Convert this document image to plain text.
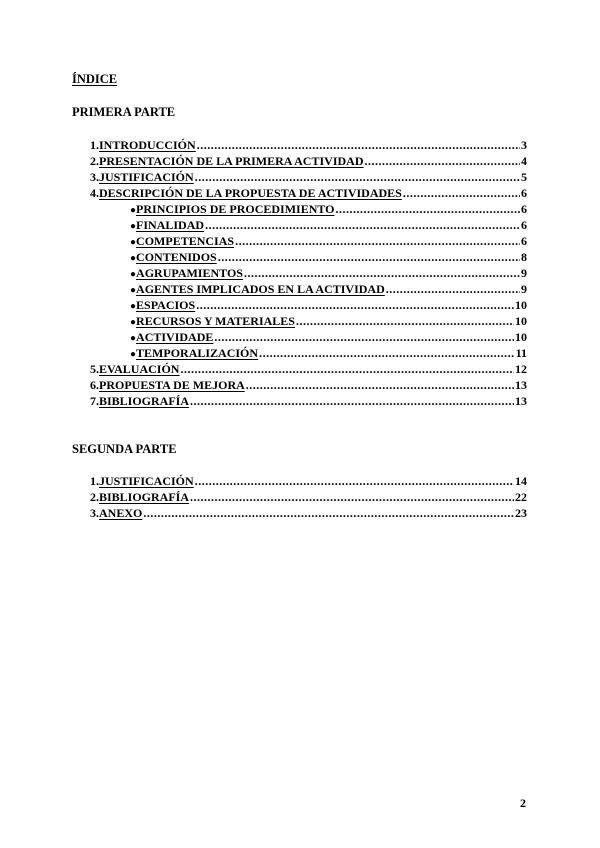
ÍNDICE
PRIMERA PARTE
1. INTRODUCCIÓN .....	3
2. PRESENTACIÓN DE LA PRIMERA ACTIVIDAD .....	4
3. JUSTIFICACIÓN .....	5
4. DESCRIPCIÓN DE LA PROPUESTA DE ACTIVIDADES .....	6
● PRINCIPIOS DE PROCEDIMIENTO .....	6
● FINALIDAD .....	6
● COMPETENCIAS .....	6
● CONTENIDOS .....	8
● AGRUPAMIENTOS .....	9
● AGENTES IMPLICADOS EN LA ACTIVIDAD .....	9
● ESPACIOS .....	10
● RECURSOS Y MATERIALES .....	10
● ACTIVIDADE .....	10
● TEMPORALIZACIÓN .....	11
5. EVALUACIÓN .....	12
6. PROPUESTA DE MEJORA .....	13
7. BIBLIOGRAFÍA .....	13
SEGUNDA PARTE
1. JUSTIFICACIÓN .....	14
2. BIBLIOGRAFÍA .....	22
3. ANEXO .....	23
2
